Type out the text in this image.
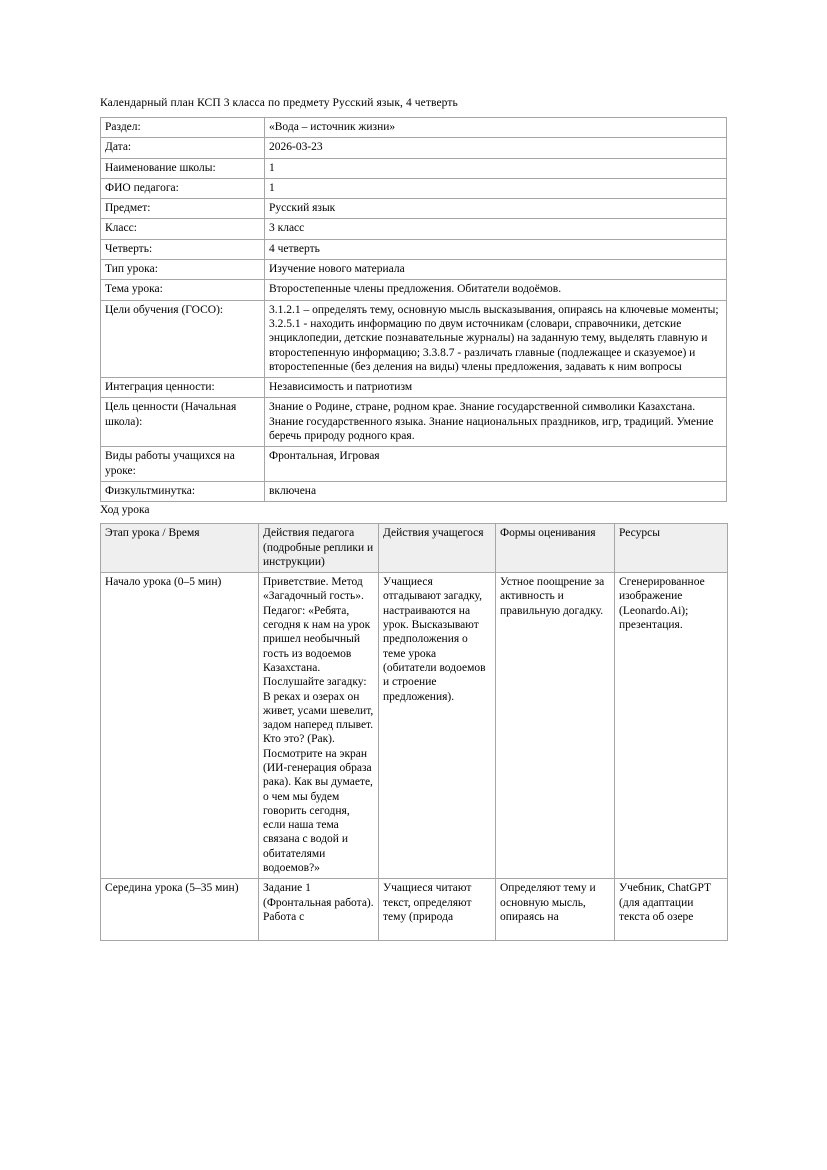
Календарный план КСП 3 класса по предмету Русский язык, 4 четверть
Раздел:	«Вода – источник жизни»
Дата:	2026-03-23
Наименование школы:	1
ФИО педагога:	1
Предмет:	Русский язык
Класс:	3 класс
Четверть:	4 четверть
Тип урока:	Изучение нового материала
Тема урока:	Второстепенные члены предложения. Обитатели водоёмов.
Цели обучения (ГОСО):	3.1.2.1 – определять тему, основную мысль высказывания, опираясь на ключевые моменты; 3.2.5.1 - находить информацию по двум источникам (словари, справочники, детские энциклопедии, детские познавательные журналы) на заданную тему, выделять главную и второстепенную информацию; 3.3.8.7 - различать главные (подлежащее и сказуемое) и второстепенные (без деления на виды) члены предложения, задавать к ним вопросы
Интеграция ценности:	Независимость и патриотизм
Цель ценности (Начальная школа):	Знание о Родине, стране, родном крае. Знание государственной символики Казахстана. Знание государственного языка. Знание национальных праздников, игр, традиций. Умение беречь природу родного края.
Виды работы учащихся на уроке:	Фронтальная, Игровая
Физкультминутка:	включена
Ход урока
Этап урока / Время	Действия педагога (подробные реплики и инструкции)	Действия учащегося	Формы оценивания	Ресурсы
Начало урока (0–5 мин)	Приветствие. Метод «Загадочный гость». Педагог: «Ребята, сегодня к нам на урок пришел необычный гость из водоемов Казахстана. Послушайте загадку: В реках и озерах он живет, усами шевелит, задом наперед плывет. Кто это? (Рак). Посмотрите на экран (ИИ-генерация образа рака). Как вы думаете, о чем мы будем говорить сегодня, если наша тема связана с водой и обитателями водоемов?»	Учащиеся отгадывают загадку, настраиваются на урок. Высказывают предположения о теме урока (обитатели водоемов и строение предложения).	Устное поощрение за активность и правильную догадку.	Сгенерированное изображение (Leonardo.Ai); презентация.
Середина урока (5–35 мин)	Задание 1 (Фронтальная работа). Работа с	Учащиеся читают текст, определяют тему (природа	Определяют тему и основную мысль, опираясь на	Учебник, ChatGPT (для адаптации текста об озере
